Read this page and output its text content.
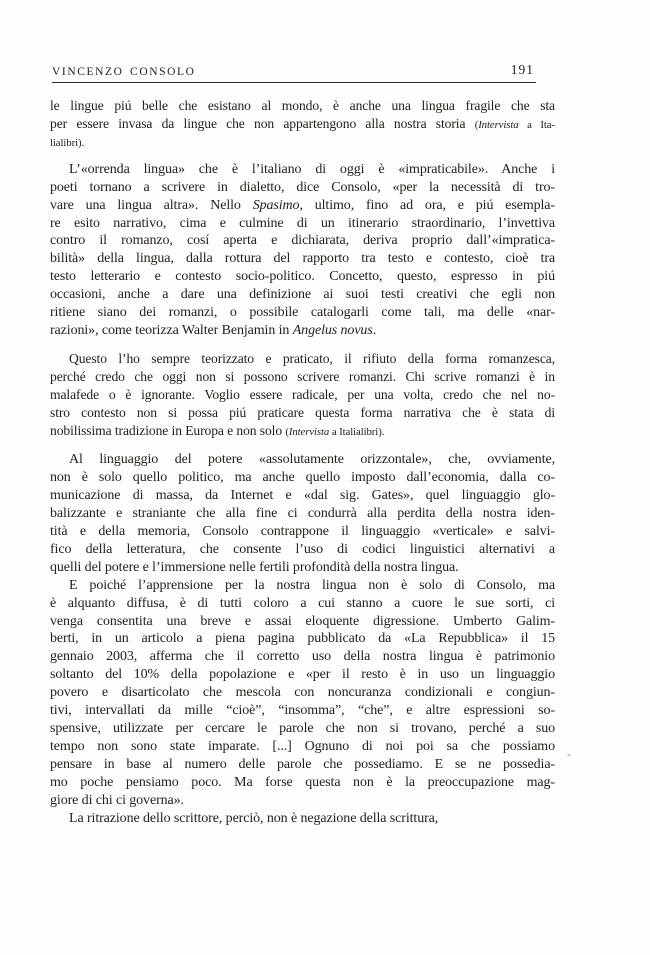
VINCENZO CONSOLO	191
le lingue piú belle che esistano al mondo, è anche una lingua fragile che sta
per essere invasa da lingue che non appartengono alla nostra storia (Intervista a Ita-
lialibri).
L’«orrenda lingua» che è l’italiano di oggi è «impraticabile». Anche i
poeti tornano a scrivere in dialetto, dice Consolo, «per la necessità di tro-
vare una lingua altra». Nello Spasimo, ultimo, fino ad ora, e piú esempla-
re esito narrativo, cima e culmine di un itinerario straordinario, l’invettiva
contro il romanzo, cosí aperta e dichiarata, deriva proprio dall’«impratica-
bilità» della lingua, dalla rottura del rapporto tra testo e contesto, cioè tra
testo letterario e contesto socio-politico. Concetto, questo, espresso in piú
occasioni, anche a dare una definizione ai suoi testi creativi che egli non
ritiene siano dei romanzi, o possibile catalogarli come tali, ma delle «nar-
razioni», come teorizza Walter Benjamin in Angelus novus.
Questo l’ho sempre teorizzato e praticato, il rifiuto della forma romanzesca,
perché credo che oggi non si possono scrivere romanzi. Chi scrive romanzi è in
malafede o è ignorante. Voglio essere radicale, per una volta, credo che nel no-
stro contesto non si possa piú praticare questa forma narrativa che è stata di
nobilissima tradizione in Europa e non solo (Intervista a Italialibri).
Al linguaggio del potere «assolutamente orizzontale», che, ovviamente,
non è solo quello politico, ma anche quello imposto dall’economia, dalla co-
municazione di massa, da Internet e «dal sig. Gates», quel linguaggio glo-
balizzante e straniante che alla fine ci condurrà alla perdita della nostra iden-
tità e della memoria, Consolo contrappone il linguaggio «verticale» e salvi-
fico della letteratura, che consente l’uso di codici linguistici alternativi a
quelli del potere e l’immersione nelle fertili profondità della nostra lingua.
E poiché l’apprensione per la nostra lingua non è solo di Consolo, ma
è alquanto diffusa, è di tutti coloro a cui stanno a cuore le sue sorti, ci
venga consentita una breve e assai eloquente digressione. Umberto Galim-
berti, in un articolo a piena pagina pubblicato da «La Repubblica» il 15
gennaio 2003, afferma che il corretto uso della nostra lingua è patrimonio
soltanto del 10% della popolazione e «per il resto è in uso un linguaggio
povero e disarticolato che mescola con noncuranza condizionali e congiun-
tivi, intervallati da mille “cioè”, “insomma”, “che”, e altre espressioni so-
spensive, utilizzate per cercare le parole che non si trovano, perché a suo
tempo non sono state imparate. [...] Ognuno di noi poi sa che possiamo
pensare in base al numero delle parole che possediamo. E se ne possedia-
mo poche pensiamo poco. Ma forse questa non è la preoccupazione mag-
giore di chi ci governa».
La ritrazione dello scrittore, perciò, non è negazione della scrittura,
-
